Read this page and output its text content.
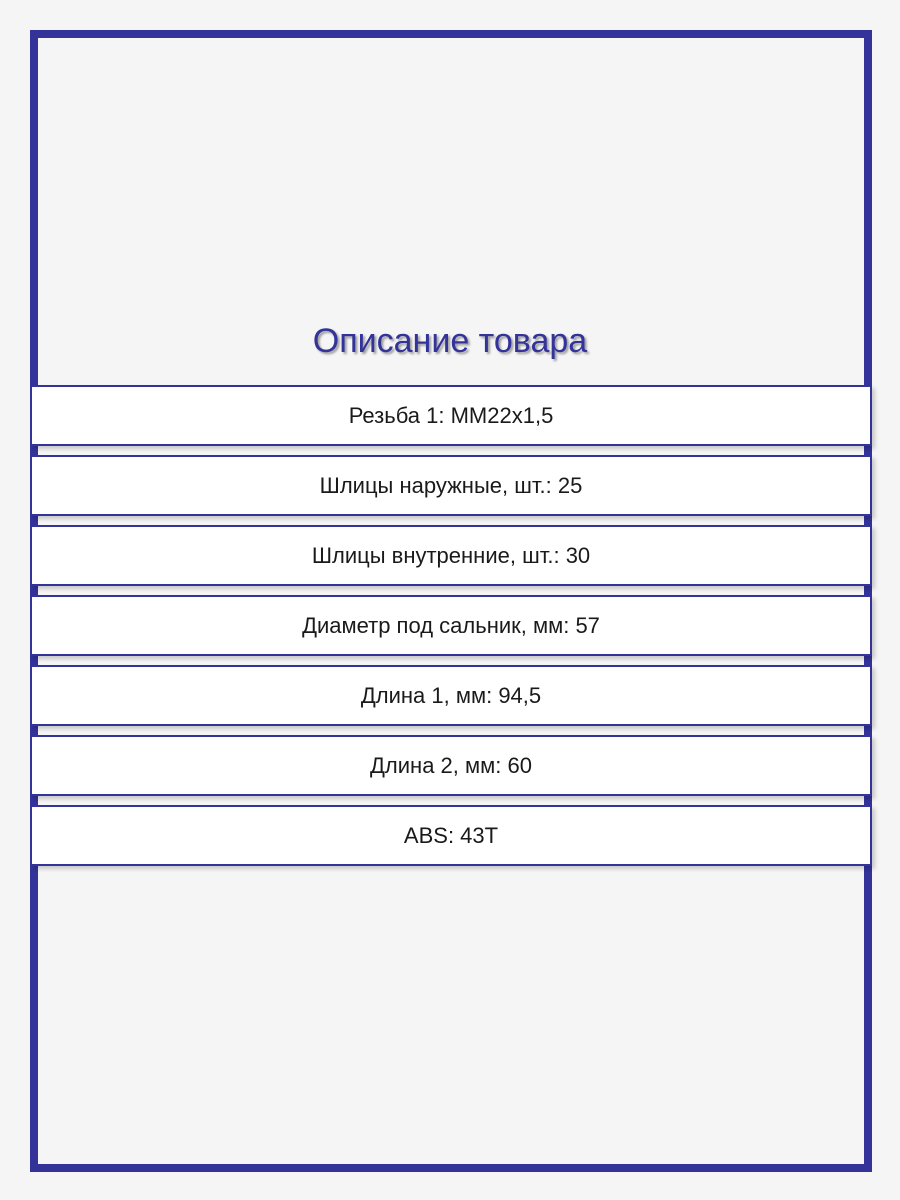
Описание товара
Резьба 1: ММ22х1,5
Шлицы наружные, шт.: 25
Шлицы внутренние, шт.: 30
Диаметр под сальник, мм: 57
Длина 1, мм: 94,5
Длина 2, мм: 60
ABS: 43T
